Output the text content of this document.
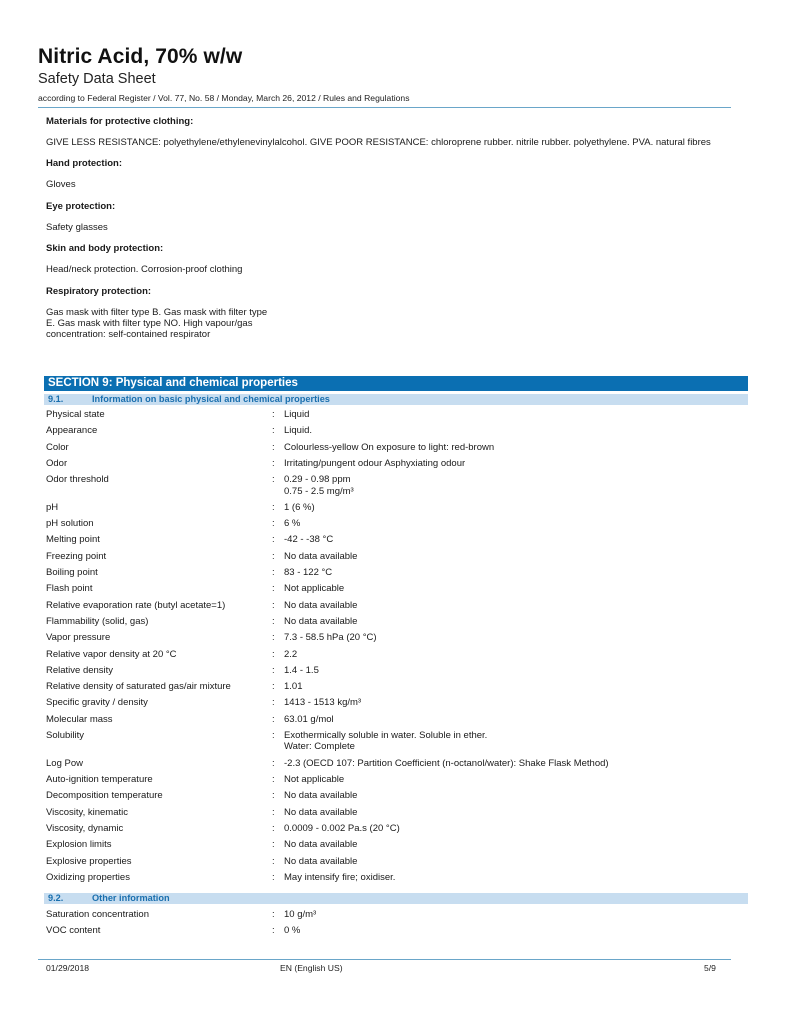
Nitric Acid, 70% w/w
Safety Data Sheet
according to Federal Register / Vol. 77, No. 58 / Monday, March 26, 2012 / Rules and Regulations
Materials for protective clothing:
GIVE LESS RESISTANCE: polyethylene/ethylenevinylalcohol. GIVE POOR RESISTANCE: chloroprene rubber. nitrile rubber. polyethylene. PVA. natural fibres
Hand protection:
Gloves
Eye protection:
Safety glasses
Skin and body protection:
Head/neck protection. Corrosion-proof clothing
Respiratory protection:
Gas mask with filter type B. Gas mask with filter type E. Gas mask with filter type NO. High vapour/gas concentration: self-contained respirator
SECTION 9: Physical and chemical properties
9.1.	Information on basic physical and chemical properties
Physical state	: Liquid
Appearance	: Liquid.
Color	: Colourless-yellow On exposure to light: red-brown
Odor	: Irritating/pungent odour Asphyxiating odour
Odor threshold	: 0.29 - 0.98 ppm
0.75 - 2.5 mg/m³
pH	: 1 (6 %)
pH solution	: 6 %
Melting point	: -42 - -38 °C
Freezing point	: No data available
Boiling point	: 83 - 122 °C
Flash point	: Not applicable
Relative evaporation rate (butyl acetate=1)	: No data available
Flammability (solid, gas)	: No data available
Vapor pressure	: 7.3 - 58.5 hPa (20 °C)
Relative vapor density at 20 °C	: 2.2
Relative density	: 1.4 - 1.5
Relative density of saturated gas/air mixture	: 1.01
Specific gravity / density	: 1413 - 1513 kg/m³
Molecular mass	: 63.01 g/mol
Solubility	: Exothermically soluble in water. Soluble in ether.
Water: Complete
Log Pow	: -2.3 (OECD 107: Partition Coefficient (n-octanol/water): Shake Flask Method)
Auto-ignition temperature	: Not applicable
Decomposition temperature	: No data available
Viscosity, kinematic	: No data available
Viscosity, dynamic	: 0.0009 - 0.002 Pa.s (20 °C)
Explosion limits	: No data available
Explosive properties	: No data available
Oxidizing properties	: May intensify fire; oxidiser.
9.2.	Other information
Saturation concentration	: 10 g/m³
VOC content	: 0 %
01/29/2018	EN (English US)	5/9
